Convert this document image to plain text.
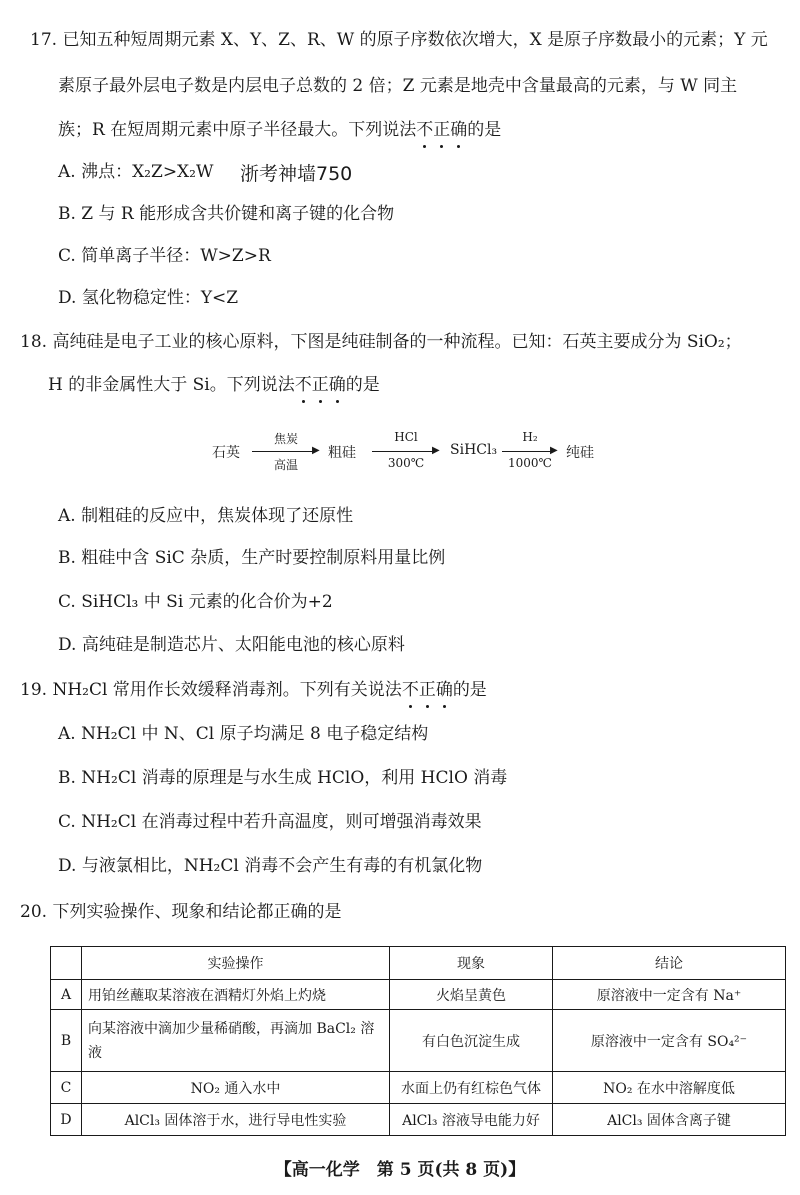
17. 已知五种短周期元素 X、Y、Z、R、W 的原子序数依次增大，X 是原子序数最小的元素；Y 元
素原子最外层电子数是内层电子总数的 2 倍；Z 元素是地壳中含量最高的元素，与 W 同主
族；R 在短周期元素中原子半径最大。下列说法不正确的是
A. 沸点：X₂Z>X₂W 浙考神墙750
B. Z 与 R 能形成含共价键和离子键的化合物
C. 简单离子半径：W>Z>R
D. 氢化物稳定性：Y<Z
18. 高纯硅是电子工业的核心原料，下图是纯硅制备的一种流程。已知：石英主要成分为 SiO₂；
H 的非金属性大于 Si。下列说法不正确的是
石英
焦炭
▶
高温
粗硅
HCl
▶
300℃
SiHCl₃
H₂
▶
1000℃
纯硅
A. 制粗硅的反应中，焦炭体现了还原性
B. 粗硅中含 SiC 杂质，生产时要控制原料用量比例
C. SiHCl₃ 中 Si 元素的化合价为+2
D. 高纯硅是制造芯片、太阳能电池的核心原料
19. NH₂Cl 常用作长效缓释消毒剂。下列有关说法不正确的是
A. NH₂Cl 中 N、Cl 原子均满足 8 电子稳定结构
B. NH₂Cl 消毒的原理是与水生成 HClO，利用 HClO 消毒
C. NH₂Cl 在消毒过程中若升高温度，则可增强消毒效果
D. 与液氯相比，NH₂Cl 消毒不会产生有毒的有机氯化物
20. 下列实验操作、现象和结论都正确的是
	实验操作	现象	结论
A	用铂丝蘸取某溶液在酒精灯外焰上灼烧	火焰呈黄色	原溶液中一定含有 Na⁺
B	向某溶液中滴加少量稀硝酸，再滴加 BaCl₂ 溶液	有白色沉淀生成	原溶液中一定含有 SO₄²⁻
C	NO₂ 通入水中	水面上仍有红棕色气体	NO₂ 在水中溶解度低
D	AlCl₃ 固体溶于水，进行导电性实验	AlCl₃ 溶液导电能力好	AlCl₃ 固体含离子键
【高一化学　第 5 页(共 8 页)】
